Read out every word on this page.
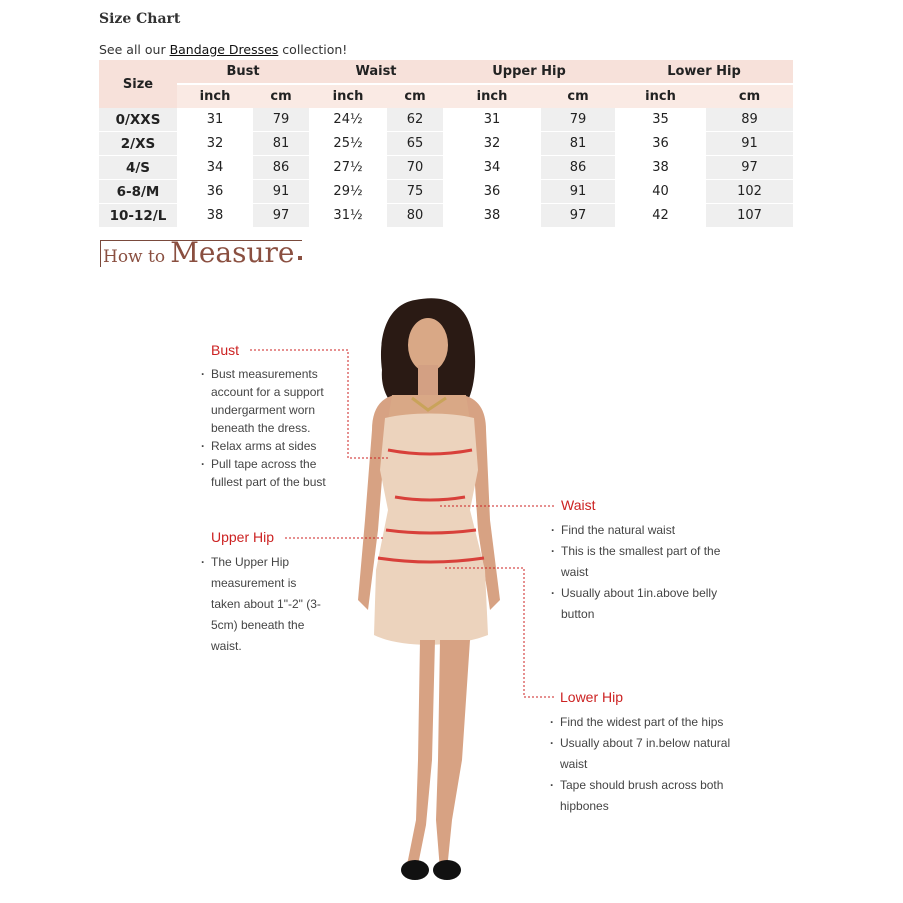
Size Chart
See all our Bandage Dresses collection!
Size	Bust		Waist		Upper Hip		Lower Hip	
	inch	cm	inch	cm	inch	cm	inch	cm
0/XXS	31	79	24½	62	31	79	35	89
2/XS	32	81	25½	65	32	81	36	91
4/S	34	86	27½	70	34	86	38	97
6-8/M	36	91	29½	75	36	91	40	102
10-12/L	38	97	31½	80	38	97	42	107
How to Measure
Bust
· Bust measurements account for a support undergarment worn beneath the dress.
· Relax arms at sides
· Pull tape across the fullest part of the bust
Upper Hip
· The Upper Hip measurement is taken about 1"-2" (3-5cm) beneath the waist.
Waist
· Find the natural waist
· This is the smallest part of the waist
· Usually about 1in.above belly button
Lower Hip
· Find the widest part of the hips
· Usually about 7 in.below natural waist
· Tape should brush across both hipbones
